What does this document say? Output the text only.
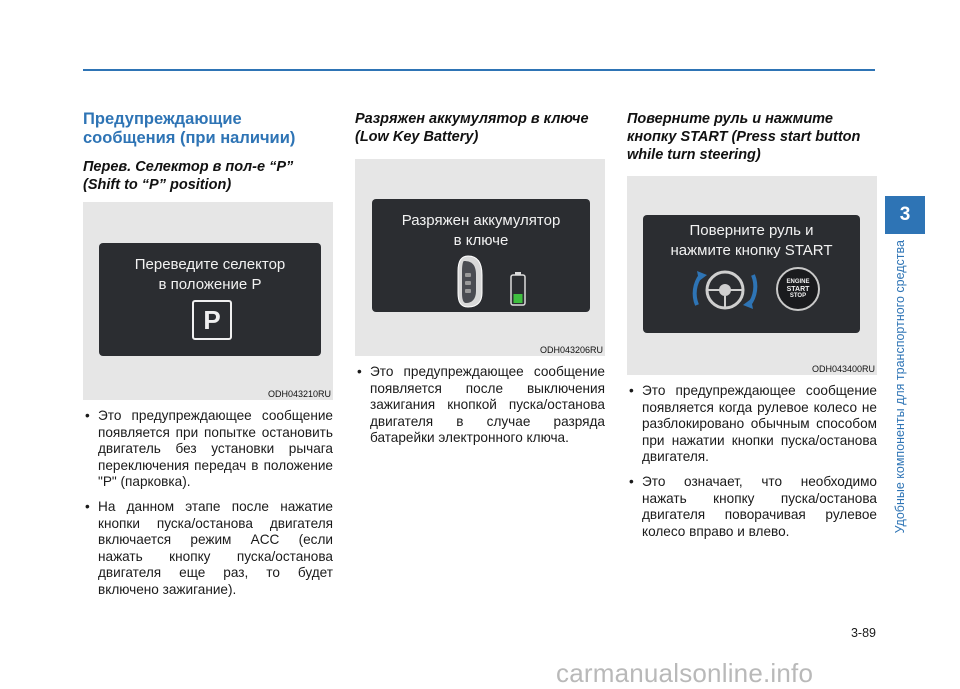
Предупреждающие сообщения (при наличии)
Перев. Селектор в пол-е “P” (Shift to “P” position)
Переведите селектор
в положение P
P
ODH043210RU
• Это предупреждающее сообщение появляется при попытке остановить двигатель без установки рычага переключения передач в положение "P" (парковка).
• На данном этапе после нажатие кнопки пуска/останова двигателя включается режим ACC (если нажать кнопку пуска/останова двигателя еще раз, то будет включено зажигание).
Разряжен аккумулятор в ключе (Low Key Battery)
Разряжен аккумулятор
в ключе
ODH043206RU
• Это предупреждающее сообщение появляется после выключения зажигания кнопкой пуска/останова двигателя в случае разряда батарейки электронного ключа.
Поверните руль и нажмите кнопку START (Press start button while turn steering)
Поверните руль и
нажмите кнопку START
ENGINE
START
STOP
ODH043400RU
• Это предупреждающее сообщение появляется когда рулевое колесо не разблокировано обычным способом при нажатии кнопки пуска/останова двигателя.
• Это означает, что необходимо нажать кнопку пуска/останова двигателя поворачивая рулевое колесо вправо и влево.
3
Удобные компоненты для транспортного средства
3-89
carmanualsonline.info
